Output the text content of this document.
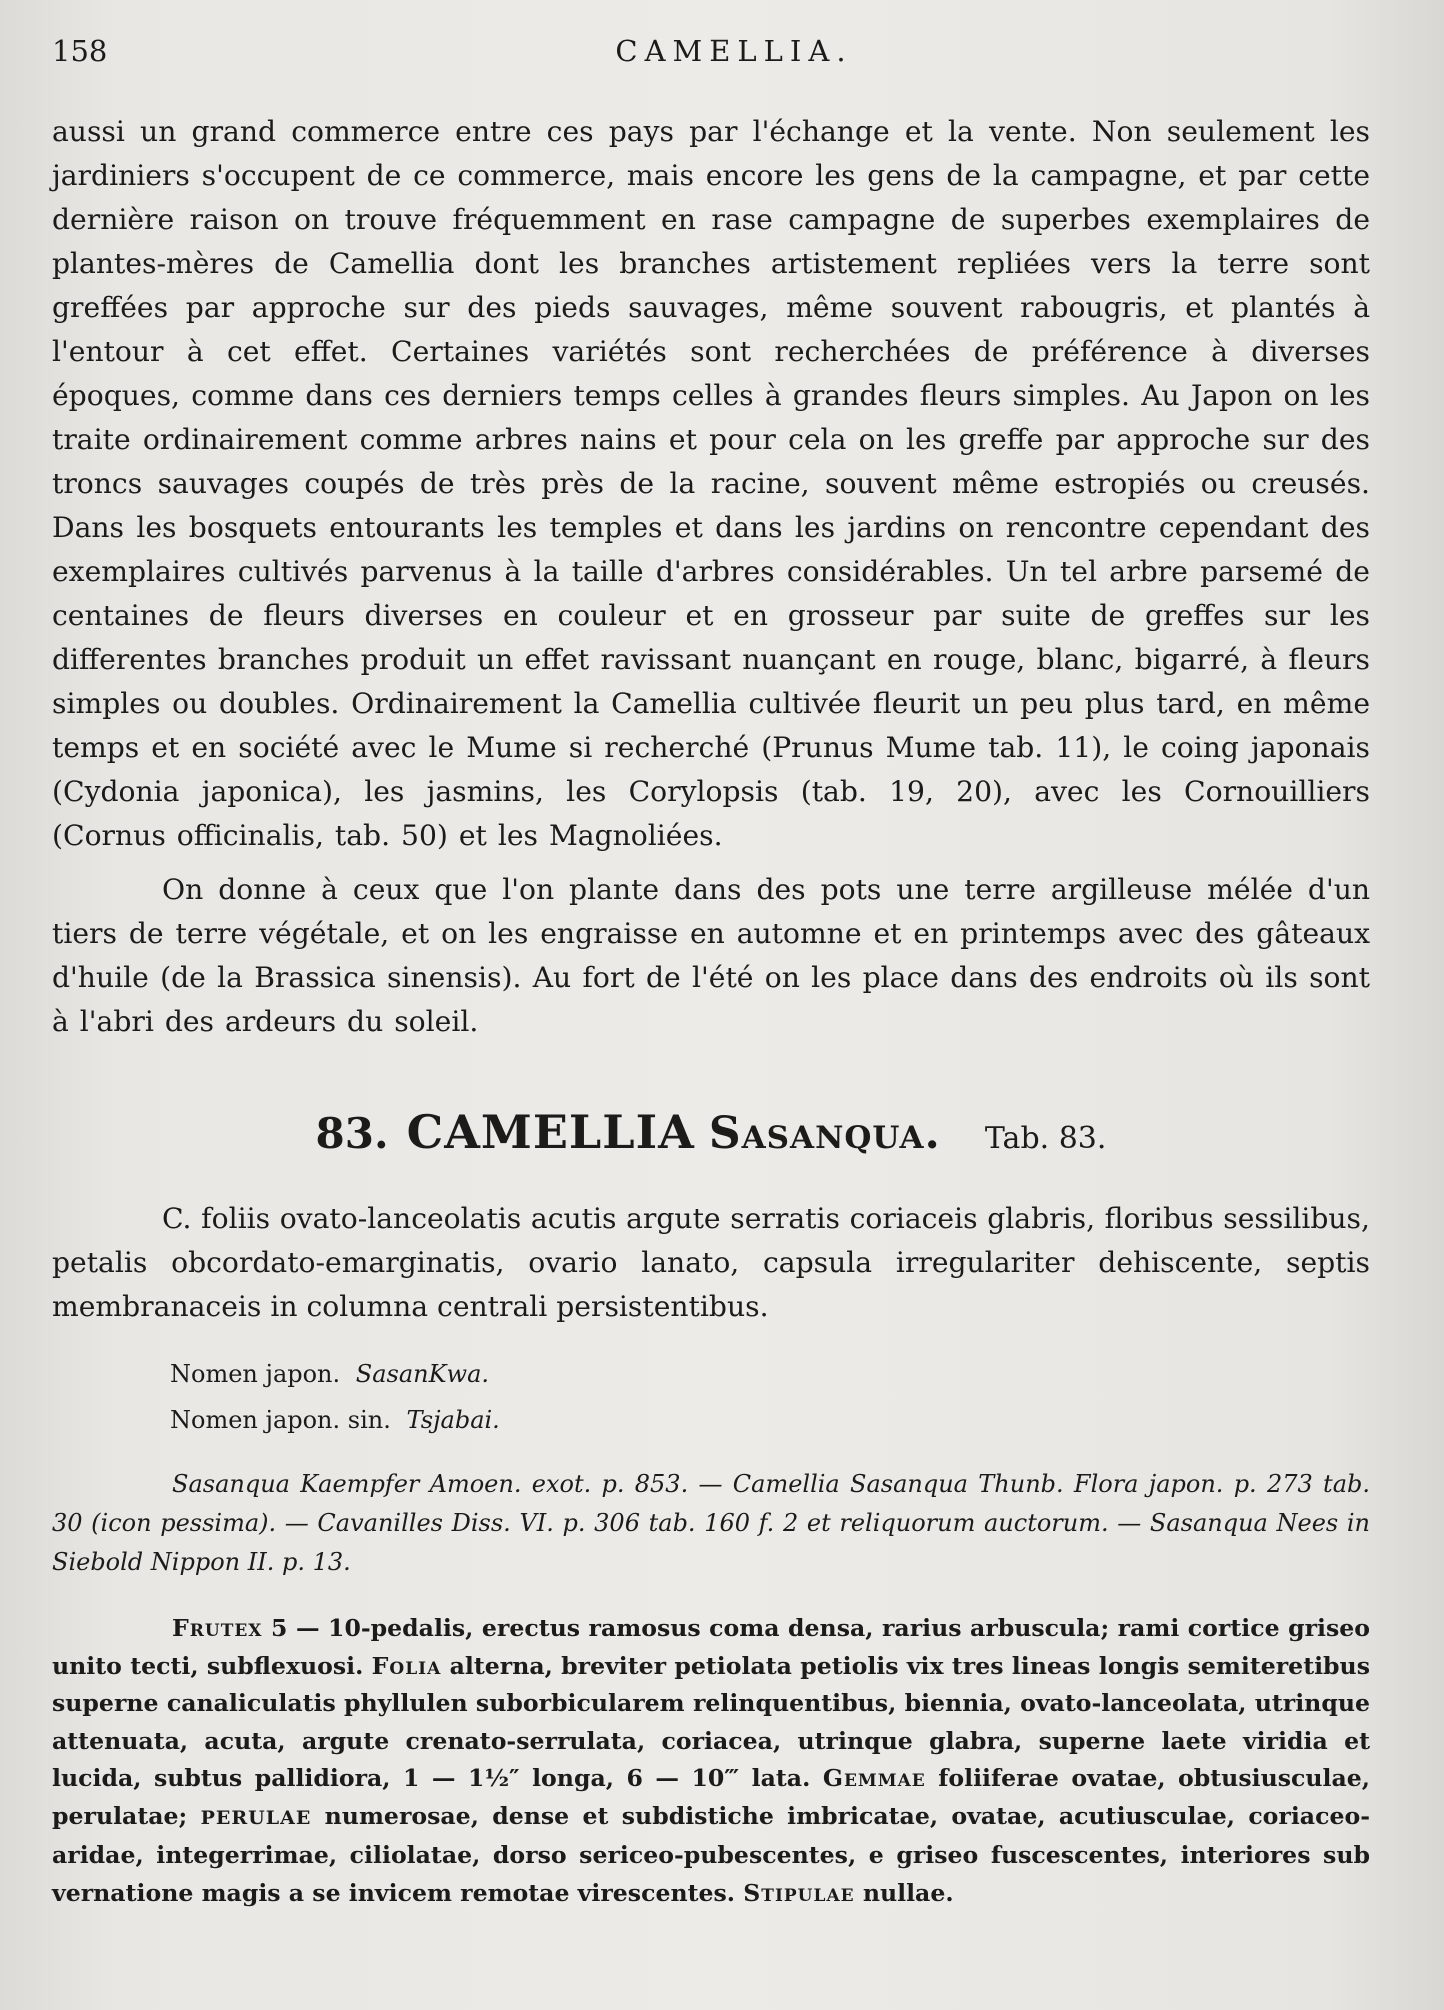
158	CAMELLIA.

aussi un grand commerce entre ces pays par l'échange et la vente. Non seulement les jardiniers s'occupent de ce commerce, mais encore les gens de la campagne, et par cette dernière raison on trouve fréquemment en rase campagne de superbes exemplaires de plantes-mères de Camellia dont les branches artistement repliées vers la terre sont greffées par approche sur des pieds sauvages, même souvent rabougris, et plantés à l'entour à cet effet. Certaines variétés sont recherchées de préférence à diverses époques, comme dans ces derniers temps celles à grandes fleurs simples. Au Japon on les traite ordinairement comme arbres nains et pour cela on les greffe par approche sur des troncs sauvages coupés de très près de la racine, souvent même estropiés ou creusés. Dans les bosquets entourants les temples et dans les jardins on rencontre cependant des exemplaires cultivés parvenus à la taille d'arbres considérables. Un tel arbre parsemé de centaines de fleurs diverses en couleur et en grosseur par suite de greffes sur les differentes branches produit un effet ravissant nuançant en rouge, blanc, bigarré, à fleurs simples ou doubles. Ordinairement la Camellia cultivée fleurit un peu plus tard, en même temps et en société avec le Mume si recherché (Prunus Mume tab. 11), le coing japonais (Cydonia japonica), les jasmins, les Corylopsis (tab. 19, 20), avec les Cornouilliers (Cornus officinalis, tab. 50) et les Magnoliées.

On donne à ceux que l'on plante dans des pots une terre argilleuse mélée d'un tiers de terre végétale, et on les engraisse en automne et en printemps avec des gâteaux d'huile (de la Brassica sinensis). Au fort de l'été on les place dans des endroits où ils sont à l'abri des ardeurs du soleil.

83. CAMELLIA Sasanqua. Tab. 83.

C. foliis ovato-lanceolatis acutis argute serratis coriaceis glabris, floribus sessilibus, petalis obcordato-emarginatis, ovario lanato, capsula irregulariter dehiscente, septis membranaceis in columna centrali persistentibus.

Nomen japon. SasanKwa.
Nomen japon. sin. Tsjabai.

Sasanqua Kaempfer Amoen. exot. p. 853. — Camellia Sasanqua Thunb. Flora japon. p. 273 tab. 30 (icon pessima). — Cavanilles Diss. VI. p. 306 tab. 160 f. 2 et reliquorum auctorum. — Sasanqua Nees in Siebold Nippon II. p. 13.

Frutex 5 — 10-pedalis, erectus ramosus coma densa, rarius arbuscula; rami cortice griseo unito tecti, subflexuosi. Folia alterna, breviter petiolata petiolis vix tres lineas longis semiteretibus superne canaliculatis phyllulen suborbicularem relinquentibus, biennia, ovato-lanceolata, utrinque attenuata, acuta, argute crenato-serrulata, coriacea, utrinque glabra, superne laete viridia et lucida, subtus pallidiora, 1 — 1½″ longa, 6 — 10‴ lata. Gemmae foliiferae ovatae, obtusiusculae, perulatae; PERULAE numerosae, dense et subdistiche imbricatae, ovatae, acutiusculae, coriaceo-aridae, integerrimae, ciliolatae, dorso sericeo-pubescentes, e griseo fuscescentes, interiores sub vernatione magis a se invicem remotae virescentes. Stipulae nullae.
